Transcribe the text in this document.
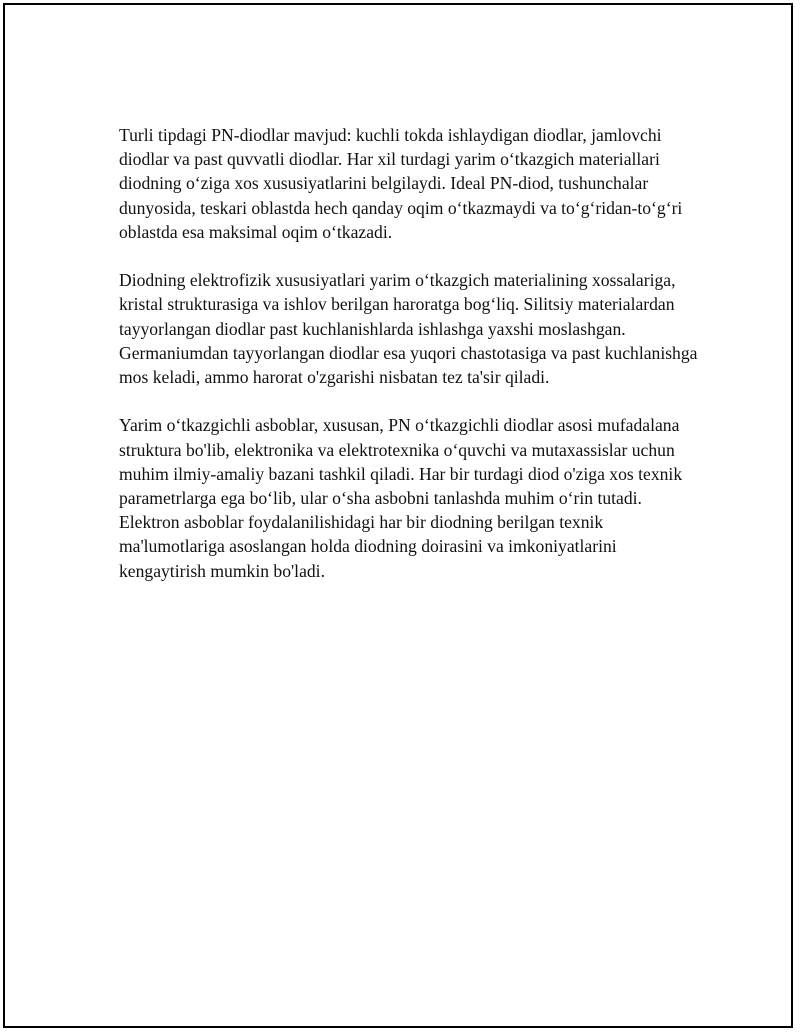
Turli tipdagi PN-diodlar mavjud: kuchli tokda ishlaydigan diodlar, jamlovchi diodlar va past quvvatli diodlar. Har xil turdagi yarim o‘tkazgich materiallari diodning o‘ziga xos xususiyatlarini belgilaydi. Ideal PN-diod, tushunchalar dunyosida, teskari oblastda hech qanday oqim o‘tkazmaydi va to‘g‘ridan-to‘g‘ri oblastda esa maksimal oqim o‘tkazadi.

Diodning elektrofizik xususiyatlari yarim o‘tkazgich materialining xossalariga, kristal strukturasiga va ishlov berilgan haroratga bog‘liq. Silitsiy materialardan tayyorlangan diodlar past kuchlanishlarda ishlashga yaxshi moslashgan. Germaniumdan tayyorlangan diodlar esa yuqori chastotasiga va past kuchlanishga mos keladi, ammo harorat o'zgarishi nisbatan tez ta'sir qiladi.

Yarim o‘tkazgichli asboblar, xususan, PN o‘tkazgichli diodlar asosi mufadalana struktura bo'lib, elektronika va elektrotexnika o‘quvchi va mutaxassislar uchun muhim ilmiy-amaliy bazani tashkil qiladi. Har bir turdagi diod o'ziga xos texnik parametrlarga ega bo‘lib, ular o‘sha asbobni tanlashda muhim o‘rin tutadi. Elektron asboblar foydalanilishidagi har bir diodning berilgan texnik ma'lumotlariga asoslangan holda diodning doirasini va imkoniyatlarini kengaytirish mumkin bo'ladi.
